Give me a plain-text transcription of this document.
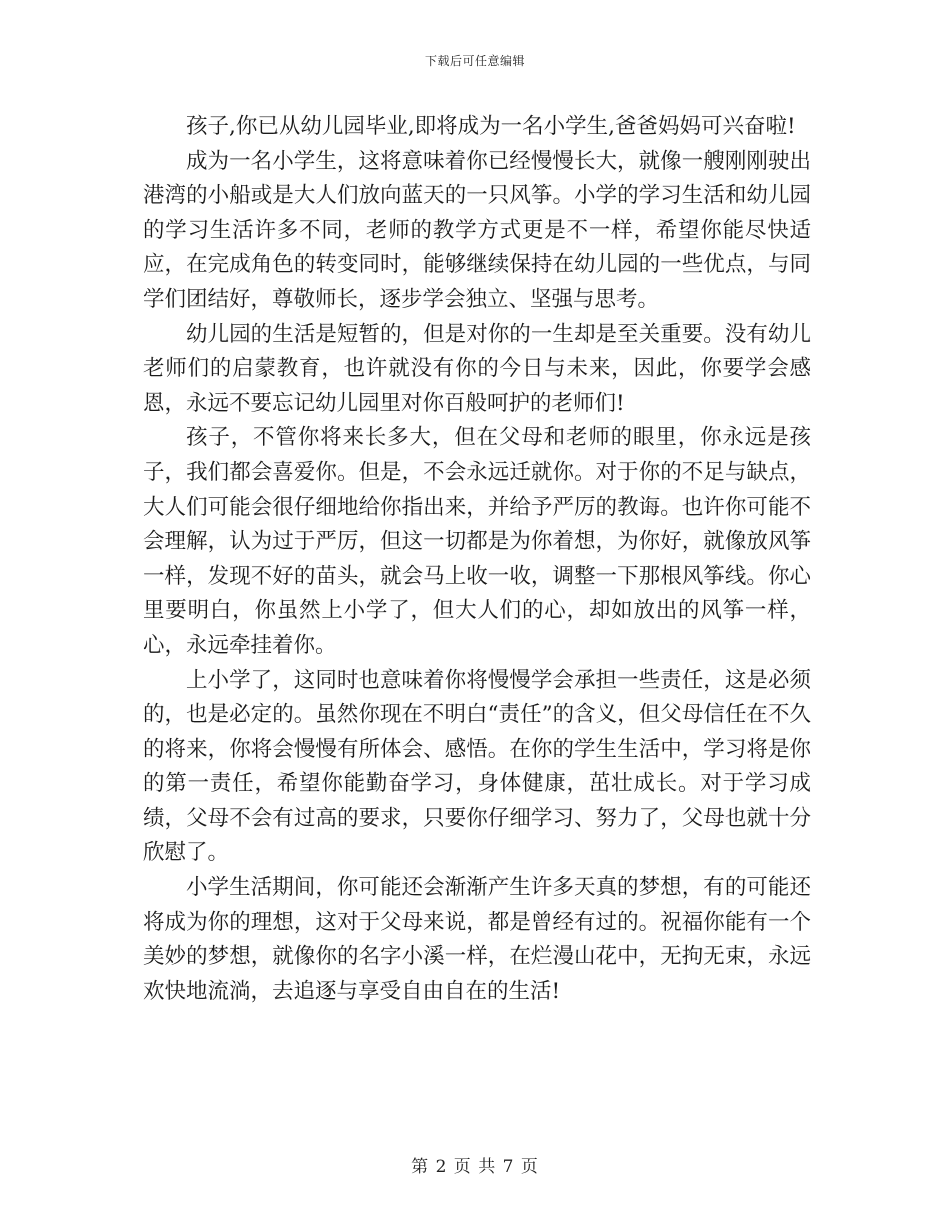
下载后可任意编辑

孩子,你已从幼儿园毕业,即将成为一名小学生,爸爸妈妈可兴奋啦!

成为一名小学生，这将意味着你已经慢慢长大，就像一艘刚刚驶出港湾的小船或是大人们放向蓝天的一只风筝。小学的学习生活和幼儿园的学习生活许多不同，老师的教学方式更是不一样，希望你能尽快适应，在完成角色的转变同时，能够继续保持在幼儿园的一些优点，与同学们团结好，尊敬师长，逐步学会独立、坚强与思考。

幼儿园的生活是短暂的，但是对你的一生却是至关重要。没有幼儿老师们的启蒙教育，也许就没有你的今日与未来，因此，你要学会感恩，永远不要忘记幼儿园里对你百般呵护的老师们!

孩子，不管你将来长多大，但在父母和老师的眼里，你永远是孩子，我们都会喜爱你。但是，不会永远迁就你。对于你的不足与缺点，大人们可能会很仔细地给你指出来，并给予严厉的教诲。也许你可能不会理解，认为过于严厉，但这一切都是为你着想，为你好，就像放风筝一样，发现不好的苗头，就会马上收一收，调整一下那根风筝线。你心里要明白，你虽然上小学了，但大人们的心，却如放出的风筝一样，心，永远牵挂着你。

上小学了，这同时也意味着你将慢慢学会承担一些责任，这是必须的，也是必定的。虽然你现在不明白“责任”的含义，但父母信任在不久的将来，你将会慢慢有所体会、感悟。在你的学生生活中，学习将是你的第一责任，希望你能勤奋学习，身体健康，茁壮成长。对于学习成绩，父母不会有过高的要求，只要你仔细学习、努力了，父母也就十分欣慰了。

小学生活期间，你可能还会渐渐产生许多天真的梦想，有的可能还将成为你的理想，这对于父母来说，都是曾经有过的。祝福你能有一个美妙的梦想，就像你的名字小溪一样，在烂漫山花中，无拘无束，永远欢快地流淌，去追逐与享受自由自在的生活!

第 2 页 共 7 页
